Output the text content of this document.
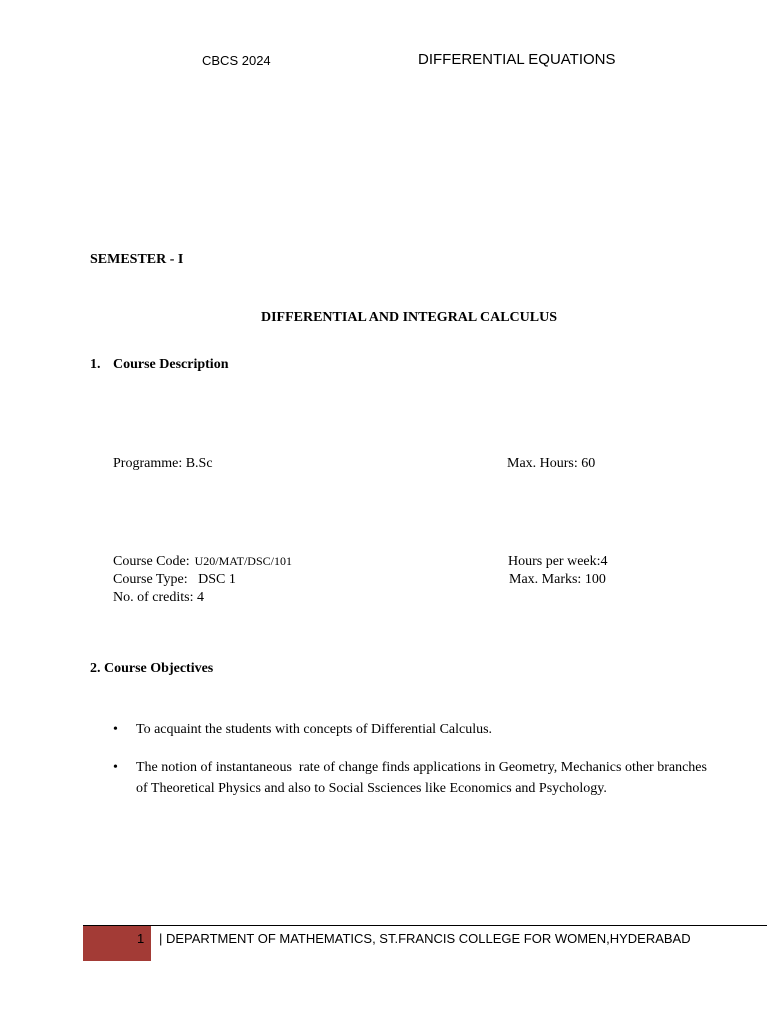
CBCS 2024	DIFFERENTIAL EQUATIONS
SEMESTER - I
DIFFERENTIAL AND INTEGRAL CALCULUS
1. Course Description
Programme: B.Sc	Max. Hours: 60
Course Code: U20/MAT/DSC/101	Hours per week:4
Course Type:   DSC 1	Max. Marks: 100
No. of credits: 4
2. Course Objectives
• To acquaint the students with concepts of Differential Calculus.
• The notion of instantaneous  rate of change finds applications in Geometry, Mechanics other branches of Theoretical Physics and also to Social Ssciences like Economics and Psychology.
1 | DEPARTMENT OF MATHEMATICS, ST.FRANCIS COLLEGE FOR WOMEN,HYDERABAD
